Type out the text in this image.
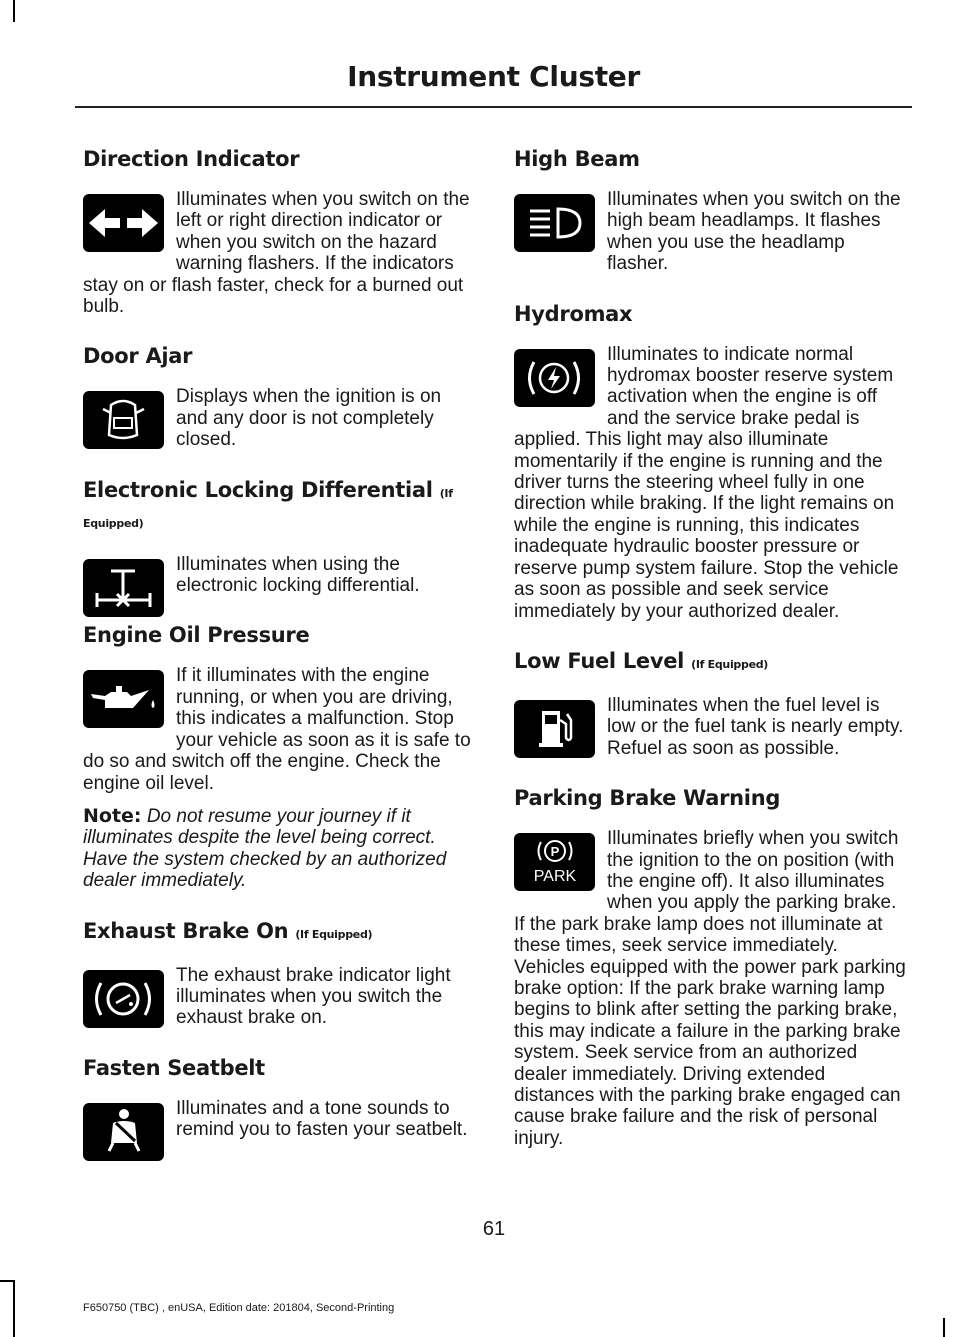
Instrument Cluster
Direction Indicator

Illuminates when you switch on the left or right direction indicator or when you switch on the hazard warning flashers. If the indicators stay on or flash faster, check for a burned out bulb.

Door Ajar

Displays when the ignition is on and any door is not completely closed.

Electronic Locking Differential (If Equipped)

Illuminates when using the electronic locking differential.

Engine Oil Pressure

If it illuminates with the engine running, or when you are driving, this indicates a malfunction. Stop your vehicle as soon as it is safe to do so and switch off the engine. Check the engine oil level.

Note: Do not resume your journey if it illuminates despite the level being correct. Have the system checked by an authorized dealer immediately.

Exhaust Brake On (If Equipped)

The exhaust brake indicator light illuminates when you switch the exhaust brake on.

Fasten Seatbelt

Illuminates and a tone sounds to remind you to fasten your seatbelt.

High Beam

Illuminates when you switch on the high beam headlamps. It flashes when you use the headlamp flasher.

Hydromax

Illuminates to indicate normal hydromax booster reserve system activation when the engine is off and the service brake pedal is applied. This light may also illuminate momentarily if the engine is running and the driver turns the steering wheel fully in one direction while braking. If the light remains on while the engine is running, this indicates inadequate hydraulic booster pressure or reserve pump system failure. Stop the vehicle as soon as possible and seek service immediately by your authorized dealer.

Low Fuel Level (If Equipped)

Illuminates when the fuel level is low or the fuel tank is nearly empty. Refuel as soon as possible.

Parking Brake Warning
P
PARK

Illuminates briefly when you switch the ignition to the on position (with the engine off). It also illuminates when you apply the parking brake. If the park brake lamp does not illuminate at these times, seek service immediately. Vehicles equipped with the power park parking brake option: If the park brake warning lamp begins to blink after setting the parking brake, this may indicate a failure in the parking brake system. Seek service from an authorized dealer immediately. Driving extended distances with the parking brake engaged can cause brake failure and the risk of personal injury.

61
F650750 (TBC) , enUSA, Edition date: 201804, Second-Printing
